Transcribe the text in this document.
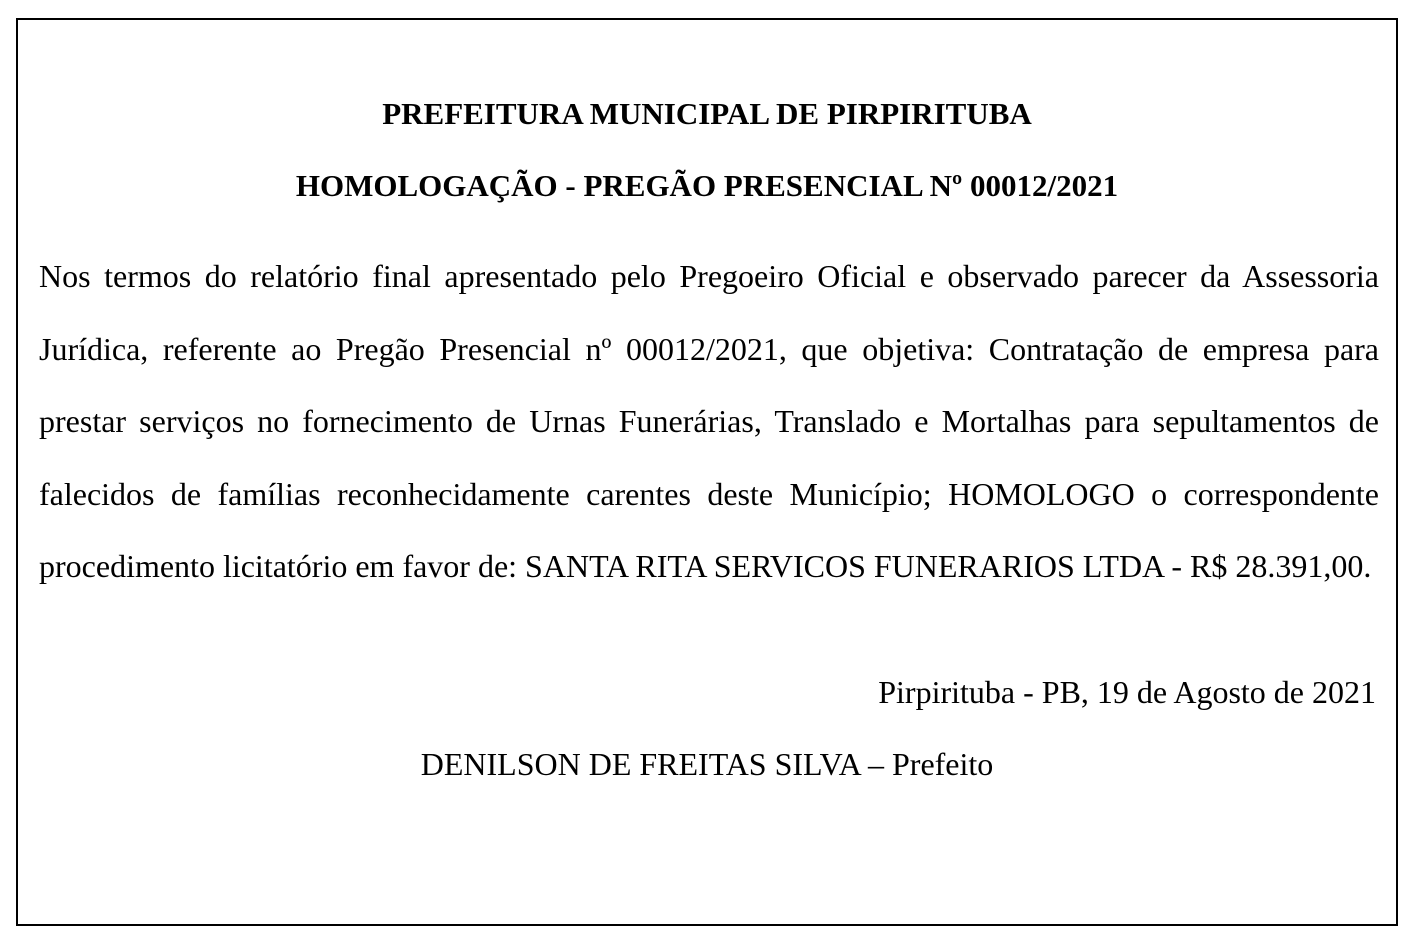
PREFEITURA MUNICIPAL DE PIRPIRITUBA
HOMOLOGAÇÃO - PREGÃO PRESENCIAL Nº 00012/2021

Nos termos do relatório final apresentado pelo Pregoeiro Oficial e observado parecer da Assessoria Jurídica, referente ao Pregão Presencial nº 00012/2021, que objetiva: Contratação de empresa para prestar serviços no fornecimento de Urnas Funerárias, Translado e Mortalhas para sepultamentos de falecidos de famílias reconhecidamente carentes deste Município; HOMOLOGO o correspondente procedimento licitatório em favor de: SANTA RITA SERVICOS FUNERARIOS LTDA - R$ 28.391,00.

Pirpirituba - PB, 19 de Agosto de 2021
DENILSON DE FREITAS SILVA – Prefeito
